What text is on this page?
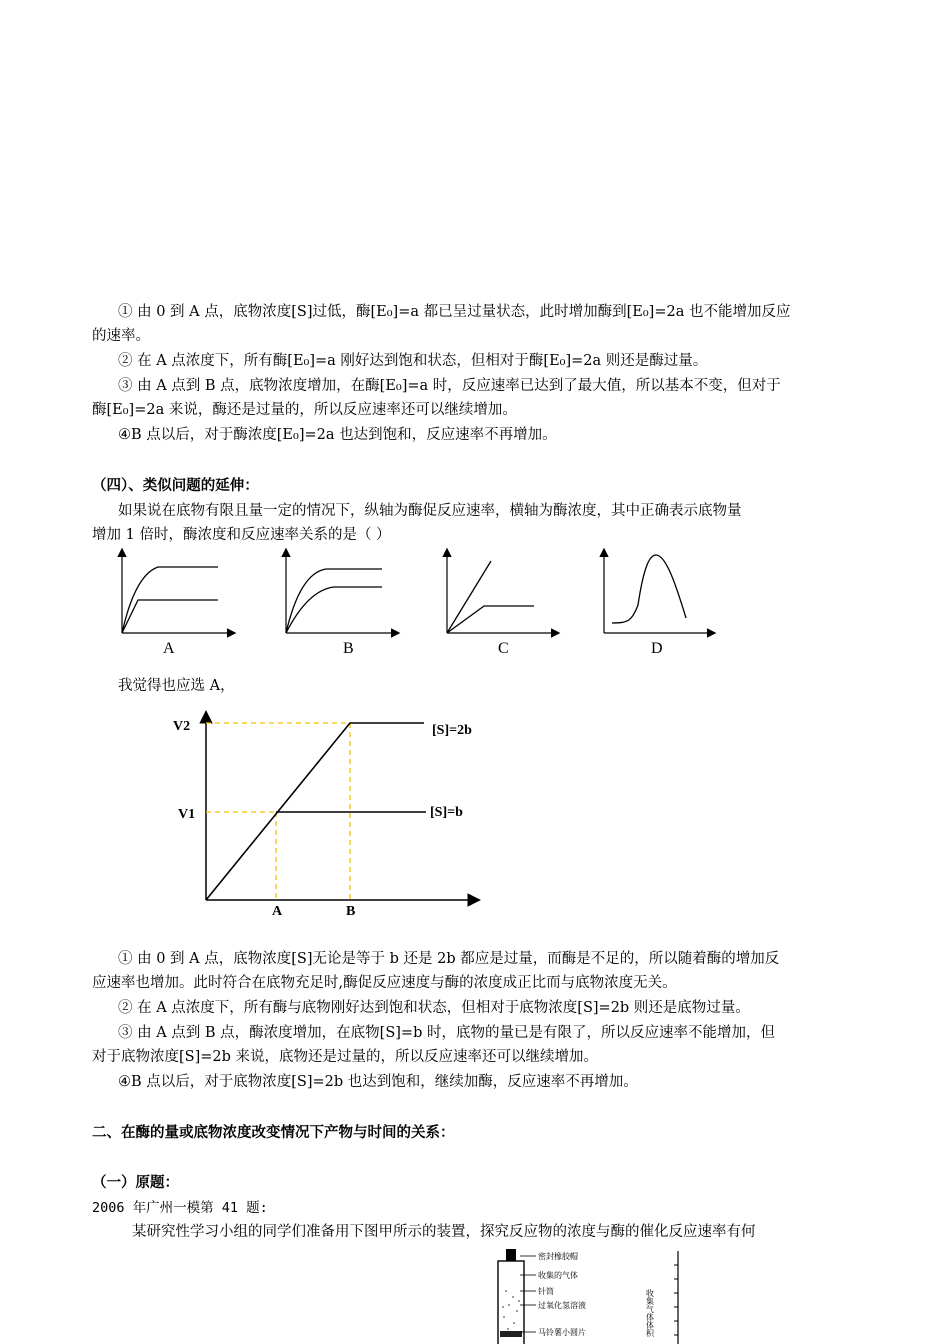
① 由 0 到 A 点，底物浓度[S]过低，酶[E₀]=a 都已呈过量状态，此时增加酶到[E₀]=2a 也不能增加反应
的速率。
② 在 A 点浓度下，所有酶[E₀]=a 刚好达到饱和状态，但相对于酶[E₀]=2a 则还是酶过量。
③ 由 A 点到 B 点，底物浓度增加，在酶[E₀]=a 时，反应速率已达到了最大值，所以基本不变，但对于
酶[E₀]=2a 来说，酶还是过量的，所以反应速率还可以继续增加。
④B 点以后，对于酶浓度[E₀]=2a 也达到饱和，反应速率不再增加。
（四）、类似问题的延伸：
如果说在底物有限且量一定的情况下，纵轴为酶促反应速率，横轴为酶浓度，其中正确表示底物量
增加 1 倍时，酶浓度和反应速率关系的是（ ）
A	B	C	D
我觉得也应选 A，
V2
V1
A	B
[S]=2b
[S]=b
① 由 0 到 A 点，底物浓度[S]无论是等于 b 还是 2b 都应是过量，而酶是不足的，所以随着酶的增加反
应速率也增加。此时符合在底物充足时,酶促反应速度与酶的浓度成正比而与底物浓度无关。
② 在 A 点浓度下，所有酶与底物刚好达到饱和状态，但相对于底物浓度[S]=2b 则还是底物过量。
③ 由 A 点到 B 点，酶浓度增加，在底物[S]=b 时，底物的量已是有限了，所以反应速率不能增加，但
对于底物浓度[S]=2b 来说，底物还是过量的，所以反应速率还可以继续增加。
④B 点以后，对于底物浓度[S]=2b 也达到饱和，继续加酶，反应速率不再增加。
二、在酶的量或底物浓度改变情况下产物与时间的关系：
（一）原题：
2006 年广州一模第 41 题:
某研究性学习小组的同学们准备用下图甲所示的装置，探究反应物的浓度与酶的催化反应速率有何
密封橡胶帽
收集的气体
针筒
过氧化氢溶液
马铃薯小圆片	收集气体体积
